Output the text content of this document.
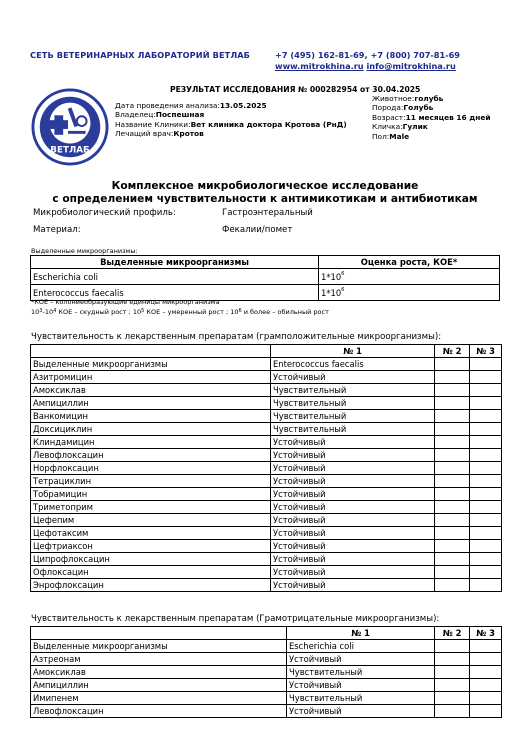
СЕТЬ ВЕТЕРИНАРНЫХ ЛАБОРАТОРИЙ ВЕТЛАБ	+7 (495) 162-81-69, +7 (800) 707-81-69
www.mitrokhina.ru info@mitrokhina.ru
РЕЗУЛЬТАТ ИССЛЕДОВАНИЯ № 000282954 от 30.04.2025
ВЕТЛАБ
Дата проведения анализа:13.05.2025
Владелец:Поспешная
Название Клиники:Вет клиника доктора Кротова (РнД)
Лечащий врач:Кротов
Животное:голубь
Порода:Голубь
Возраст:11 месяцев 16 дней
Кличка:Гулик
Пол:Male
Комплексное микробиологическое исследование
с определением чувствительности к антимикотикам и антибиотикам
Микробиологический профиль:	Гастроэнтеральный
Материал:	Фекалии/помет
Выделенные микроорганизмы:
Выделенные микроорганизмы	Оценка роста, КОЕ*
Escherichia coli	$1*10^6$
Enterococcus faecalis	$1*10^6$
*КОЕ – колониеобразующие единицы микроорганизма
$10^3-10^4$ КОЕ – скудный рост ; $10^5$ КОЕ – умеренный рост ; $10^6$ и более – обильный рост
Чувствительность к лекарственным препаратам (грамположительные микроорганизмы):
	№ 1	№ 2	№ 3
Выделенные микроорганизмы	Enterococcus faecalis		
Азитромицин	Устойчивый		
Амоксиклав	Чувствительный		
Ампициллин	Чувствительный		
Ванкомицин	Чувствительный		
Доксициклин	Чувствительный		
Клиндамицин	Устойчивый		
Левофлоксацин	Устойчивый		
Норфлоксацин	Устойчивый		
Тетрациклин	Устойчивый		
Тобрамицин	Устойчивый		
Триметоприм	Устойчивый		
Цефепим	Устойчивый		
Цефотаксим	Устойчивый		
Цефтриаксон	Устойчивый		
Ципрофлоксацин	Устойчивый		
Офлоксацин	Устойчивый		
Энрофлоксацин	Устойчивый		
Чувствительность к лекарственным препаратам (Грамотрицательные микроорганизмы):
	№ 1	№ 2	№ 3
Выделенные микроорганизмы	Escherichia coli		
Азтреонам	Устойчивый		
Амоксиклав	Чувствительный		
Ампициллин	Устойчивый		
Имипенем	Чувствительный		
Левофлоксацин	Устойчивый		
